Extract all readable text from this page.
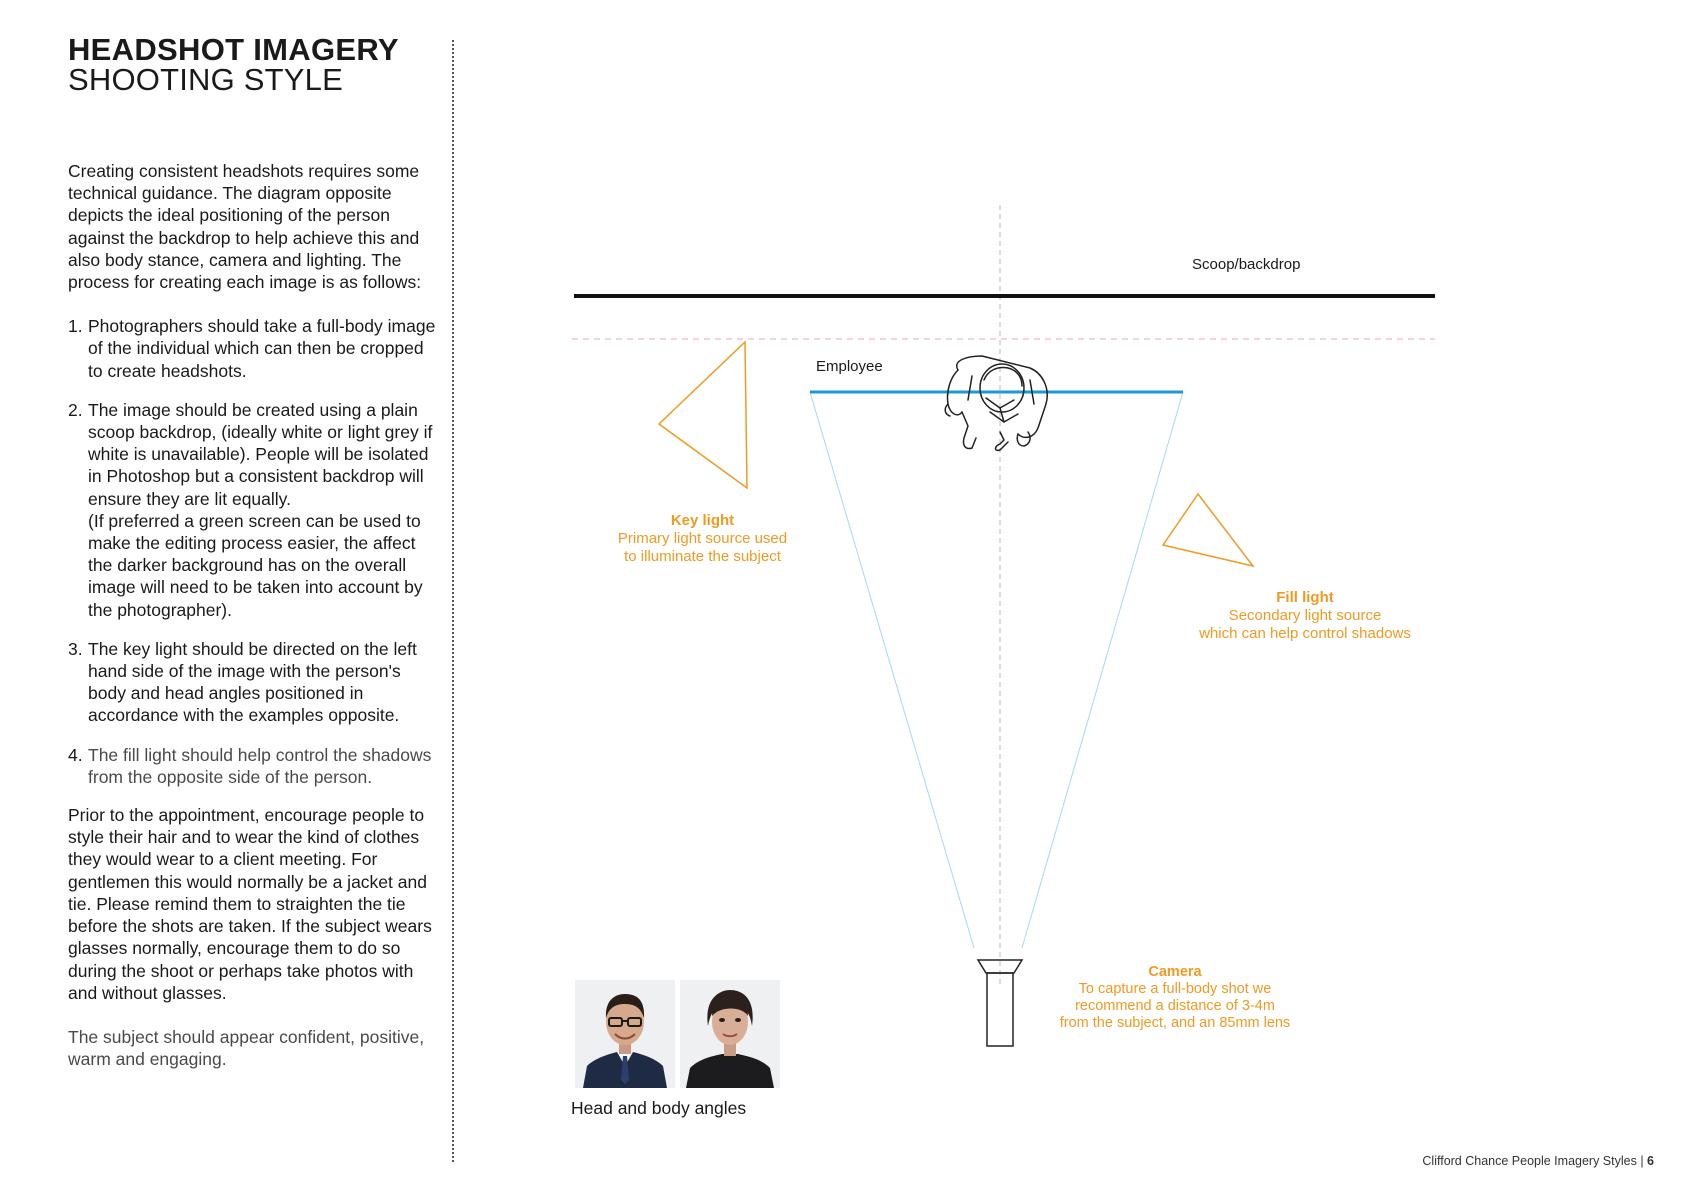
HEADSHOT IMAGERY
SHOOTING STYLE

Creating consistent headshots requires some technical guidance. The diagram opposite depicts the ideal positioning of the person against the backdrop to help achieve this and also body stance, camera and lighting. The process for creating each image is as follows:

1. Photographers should take a full-body image of the individual which can then be cropped to create headshots.
2. The image should be created using a plain scoop backdrop, (ideally white or light grey if white is unavailable). People will be isolated in Photoshop but a consistent backdrop will ensure they are lit equally.
(If preferred a green screen can be used to make the editing process easier, the affect the darker background has on the overall image will need to be taken into account by the photographer).
3. The key light should be directed on the left hand side of the image with the person's body and head angles positioned in accordance with the examples opposite.
4. The fill light should help control the shadows from the opposite side of the person.

Prior to the appointment, encourage people to style their hair and to wear the kind of clothes they would wear to a client meeting. For gentlemen this would normally be a jacket and tie. Please remind them to straighten the tie before the shots are taken. If the subject wears glasses normally, encourage them to do so during the shoot or perhaps take photos with and without glasses.

The subject should appear confident, positive, warm and engaging.

Scoop/backdrop
Employee
Key light
Primary light source used
to illuminate the subject
Fill light
Secondary light source
which can help control shadows
Camera
To capture a full-body shot we
recommend a distance of 3-4m
from the subject, and an 85mm lens
Head and body angles
Clifford Chance People Imagery Styles | 6
